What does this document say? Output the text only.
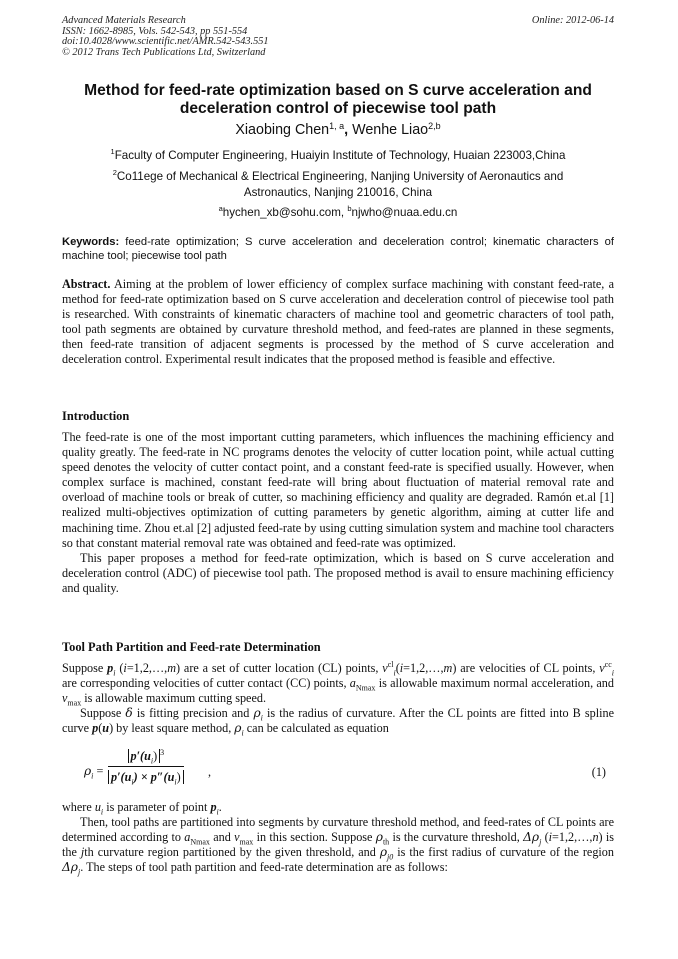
Advanced Materials Research
ISSN: 1662-8985, Vols. 542-543, pp 551-554
doi:10.4028/www.scientific.net/AMR.542-543.551
© 2012 Trans Tech Publications Ltd, Switzerland
Online: 2012-06-14
Method for feed-rate optimization based on S curve acceleration and
deceleration control of piecewise tool path
Xiaobing Chen$^{1, a}$, Wenhe Liao$^{2,b}$
$^1$Faculty of Computer Engineering, Huaiyin Institute of Technology, Huaian 223003,China
$^2$Co11ege of Mechanical & Electrical Engineering, Nanjing University of Aeronautics and
Astronautics, Nanjing 210016, China
$^a$hychen_xb@sohu.com, $^b$njwho@nuaa.edu.cn
Keywords: feed-rate optimization; S curve acceleration and deceleration control; kinematic characters of machine tool; piecewise tool path

Abstract. Aiming at the problem of lower efficiency of complex surface machining with constant feed-rate, a method for feed-rate optimization based on S curve acceleration and deceleration control of piecewise tool path is researched. With constraints of kinematic characters of machine tool and geometric characters of tool path, tool path segments are obtained by curvature threshold method, and feed-rates are planned in these segments, then feed-rate transition of adjacent segments is processed by the method of S curve acceleration and deceleration control. Experimental result indicates that the proposed method is feasible and effective.

Introduction

The feed-rate is one of the most important cutting parameters, which influences the machining efficiency and quality greatly. The feed-rate in NC programs denotes the velocity of cutter location point, while actual cutting speed denotes the velocity of cutter contact point, and a constant feed-rate is specified usually. However, when complex surface is machined, constant feed-rate will bring about fluctuation of material removal rate and overload of machine tools or break of cutter, so machining efficiency and quality are degraded. Ramón et.al [1] realized multi-objectives optimization of cutting parameters by genetic algorithm, aiming at cutter life and machining time. Zhou et.al [2] adjusted feed-rate by using cutting simulation system and machine tool characters so that constant material removal rate was obtained and feed-rate was optimized.

This paper proposes a method for feed-rate optimization, which is based on S curve acceleration and deceleration control (ADC) of piecewise tool path. The proposed method is avail to ensure machining efficiency and quality.

Tool Path Partition and Feed-rate Determination

Suppose $p_i$ (i=1,2,…,m) are a set of cutter location (CL) points, $v^{cl}_i(i=1,2,\dots,m)$ are velocities of CL points, $v^{cc}_i$ are corresponding velocities of cutter contact (CC) points, $a_{Nmax}$ is allowable maximum normal acceleration, and $v_{max}$ is allowable maximum cutting speed.

Suppose δ is fitting precision and $\rho_i$ is the radius of curvature. After the CL points are fitted into B spline curve p(u) by least square method, $\rho_i$ can be calculated as equation

$\rho_i = \frac{p'(u_i) ^3}{p'(u_i) \times p''(u_i)}$ ,	(1)

where $u_i$ is parameter of point $p_i$.

Then, tool paths are partitioned into segments by curvature threshold method, and feed-rates of CL points are determined according to $a_{Nmax}$ and $v_{max}$ in this section. Suppose $\rho_{th}$ is the curvature threshold, $\Delta\rho_j$ (i=1,2,…,n) is the jth curvature region partitioned by the given threshold, and $\rho_{j0}$ is the first radius of curvature of the region $\Delta\rho_j$. The steps of tool path partition and feed-rate determination are as follows:
